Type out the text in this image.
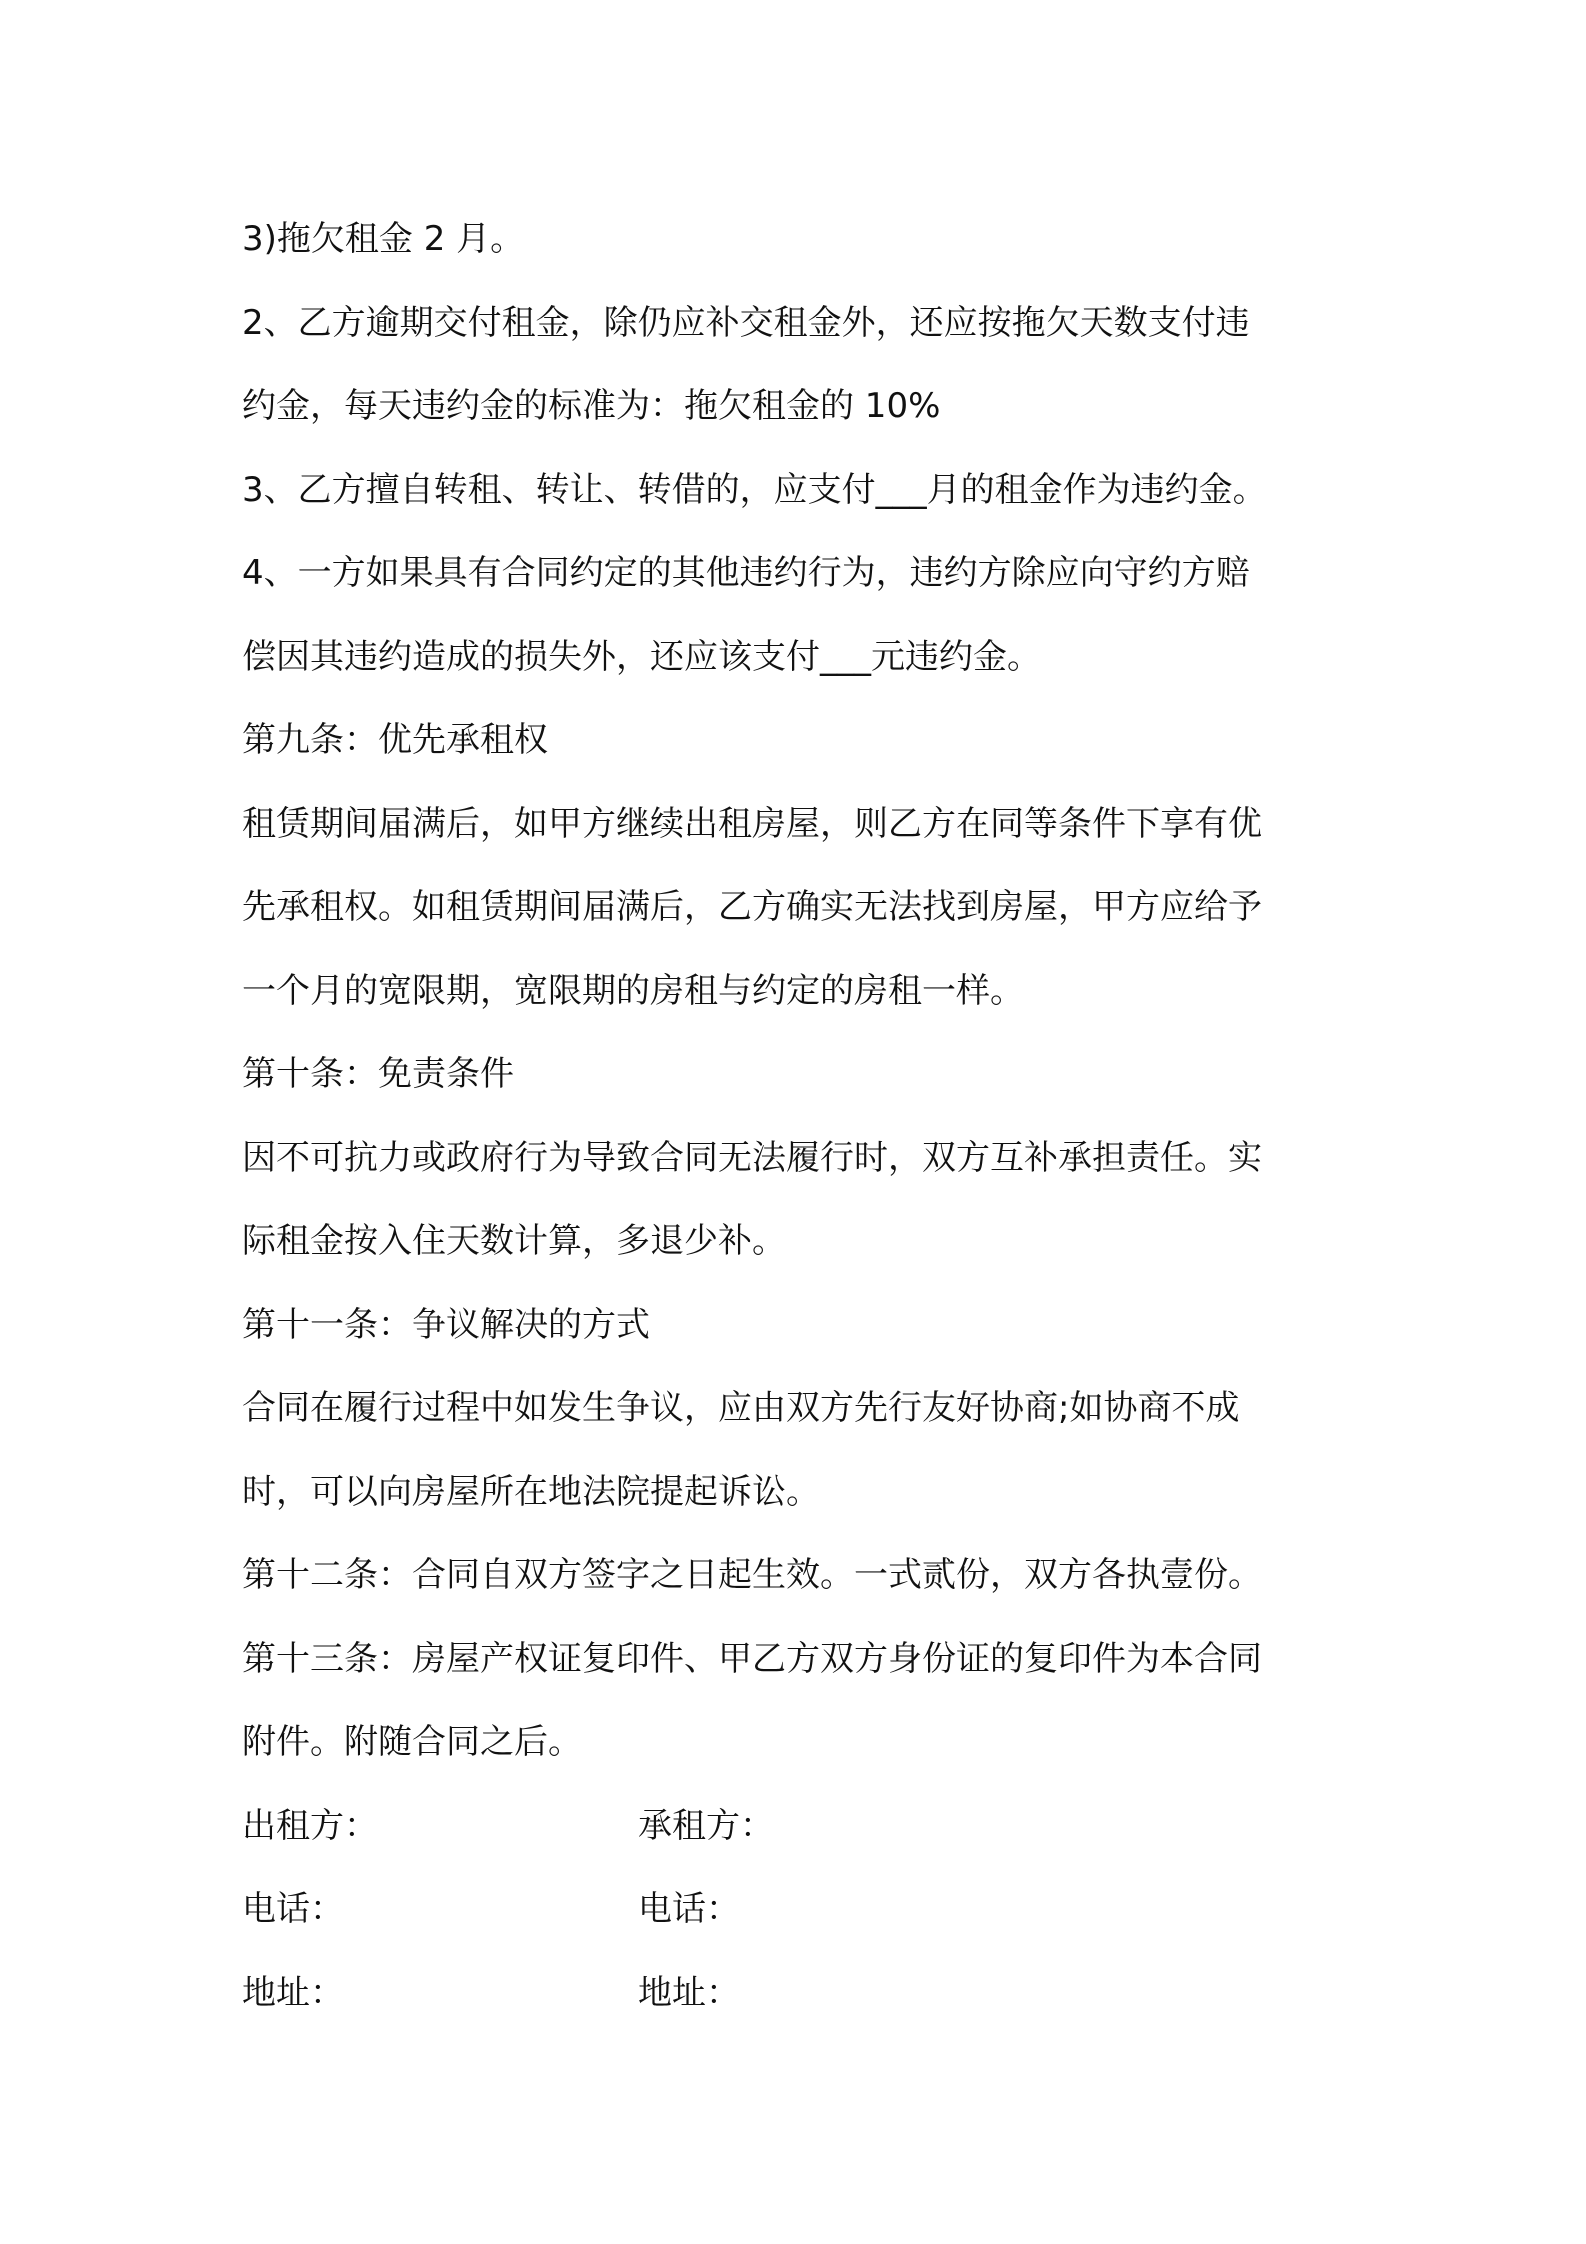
3)拖欠租金 2 月。
2、乙方逾期交付租金，除仍应补交租金外，还应按拖欠天数支付违
约金，每天违约金的标准为：拖欠租金的 10%
3、乙方擅自转租、转让、转借的，应支付___月的租金作为违约金。
4、一方如果具有合同约定的其他违约行为，违约方除应向守约方赔
偿因其违约造成的损失外，还应该支付___元违约金。
第九条：优先承租权
租赁期间届满后，如甲方继续出租房屋，则乙方在同等条件下享有优
先承租权。如租赁期间届满后，乙方确实无法找到房屋，甲方应给予
一个月的宽限期，宽限期的房租与约定的房租一样。
第十条：免责条件
因不可抗力或政府行为导致合同无法履行时，双方互补承担责任。实
际租金按入住天数计算，多退少补。
第十一条：争议解决的方式
合同在履行过程中如发生争议，应由双方先行友好协商;如协商不成
时，可以向房屋所在地法院提起诉讼。
第十二条：合同自双方签字之日起生效。一式贰份，双方各执壹份。
第十三条：房屋产权证复印件、甲乙方双方身份证的复印件为本合同
附件。附随合同之后。
出租方：	承租方：
电话：	电话：
地址：	地址：
